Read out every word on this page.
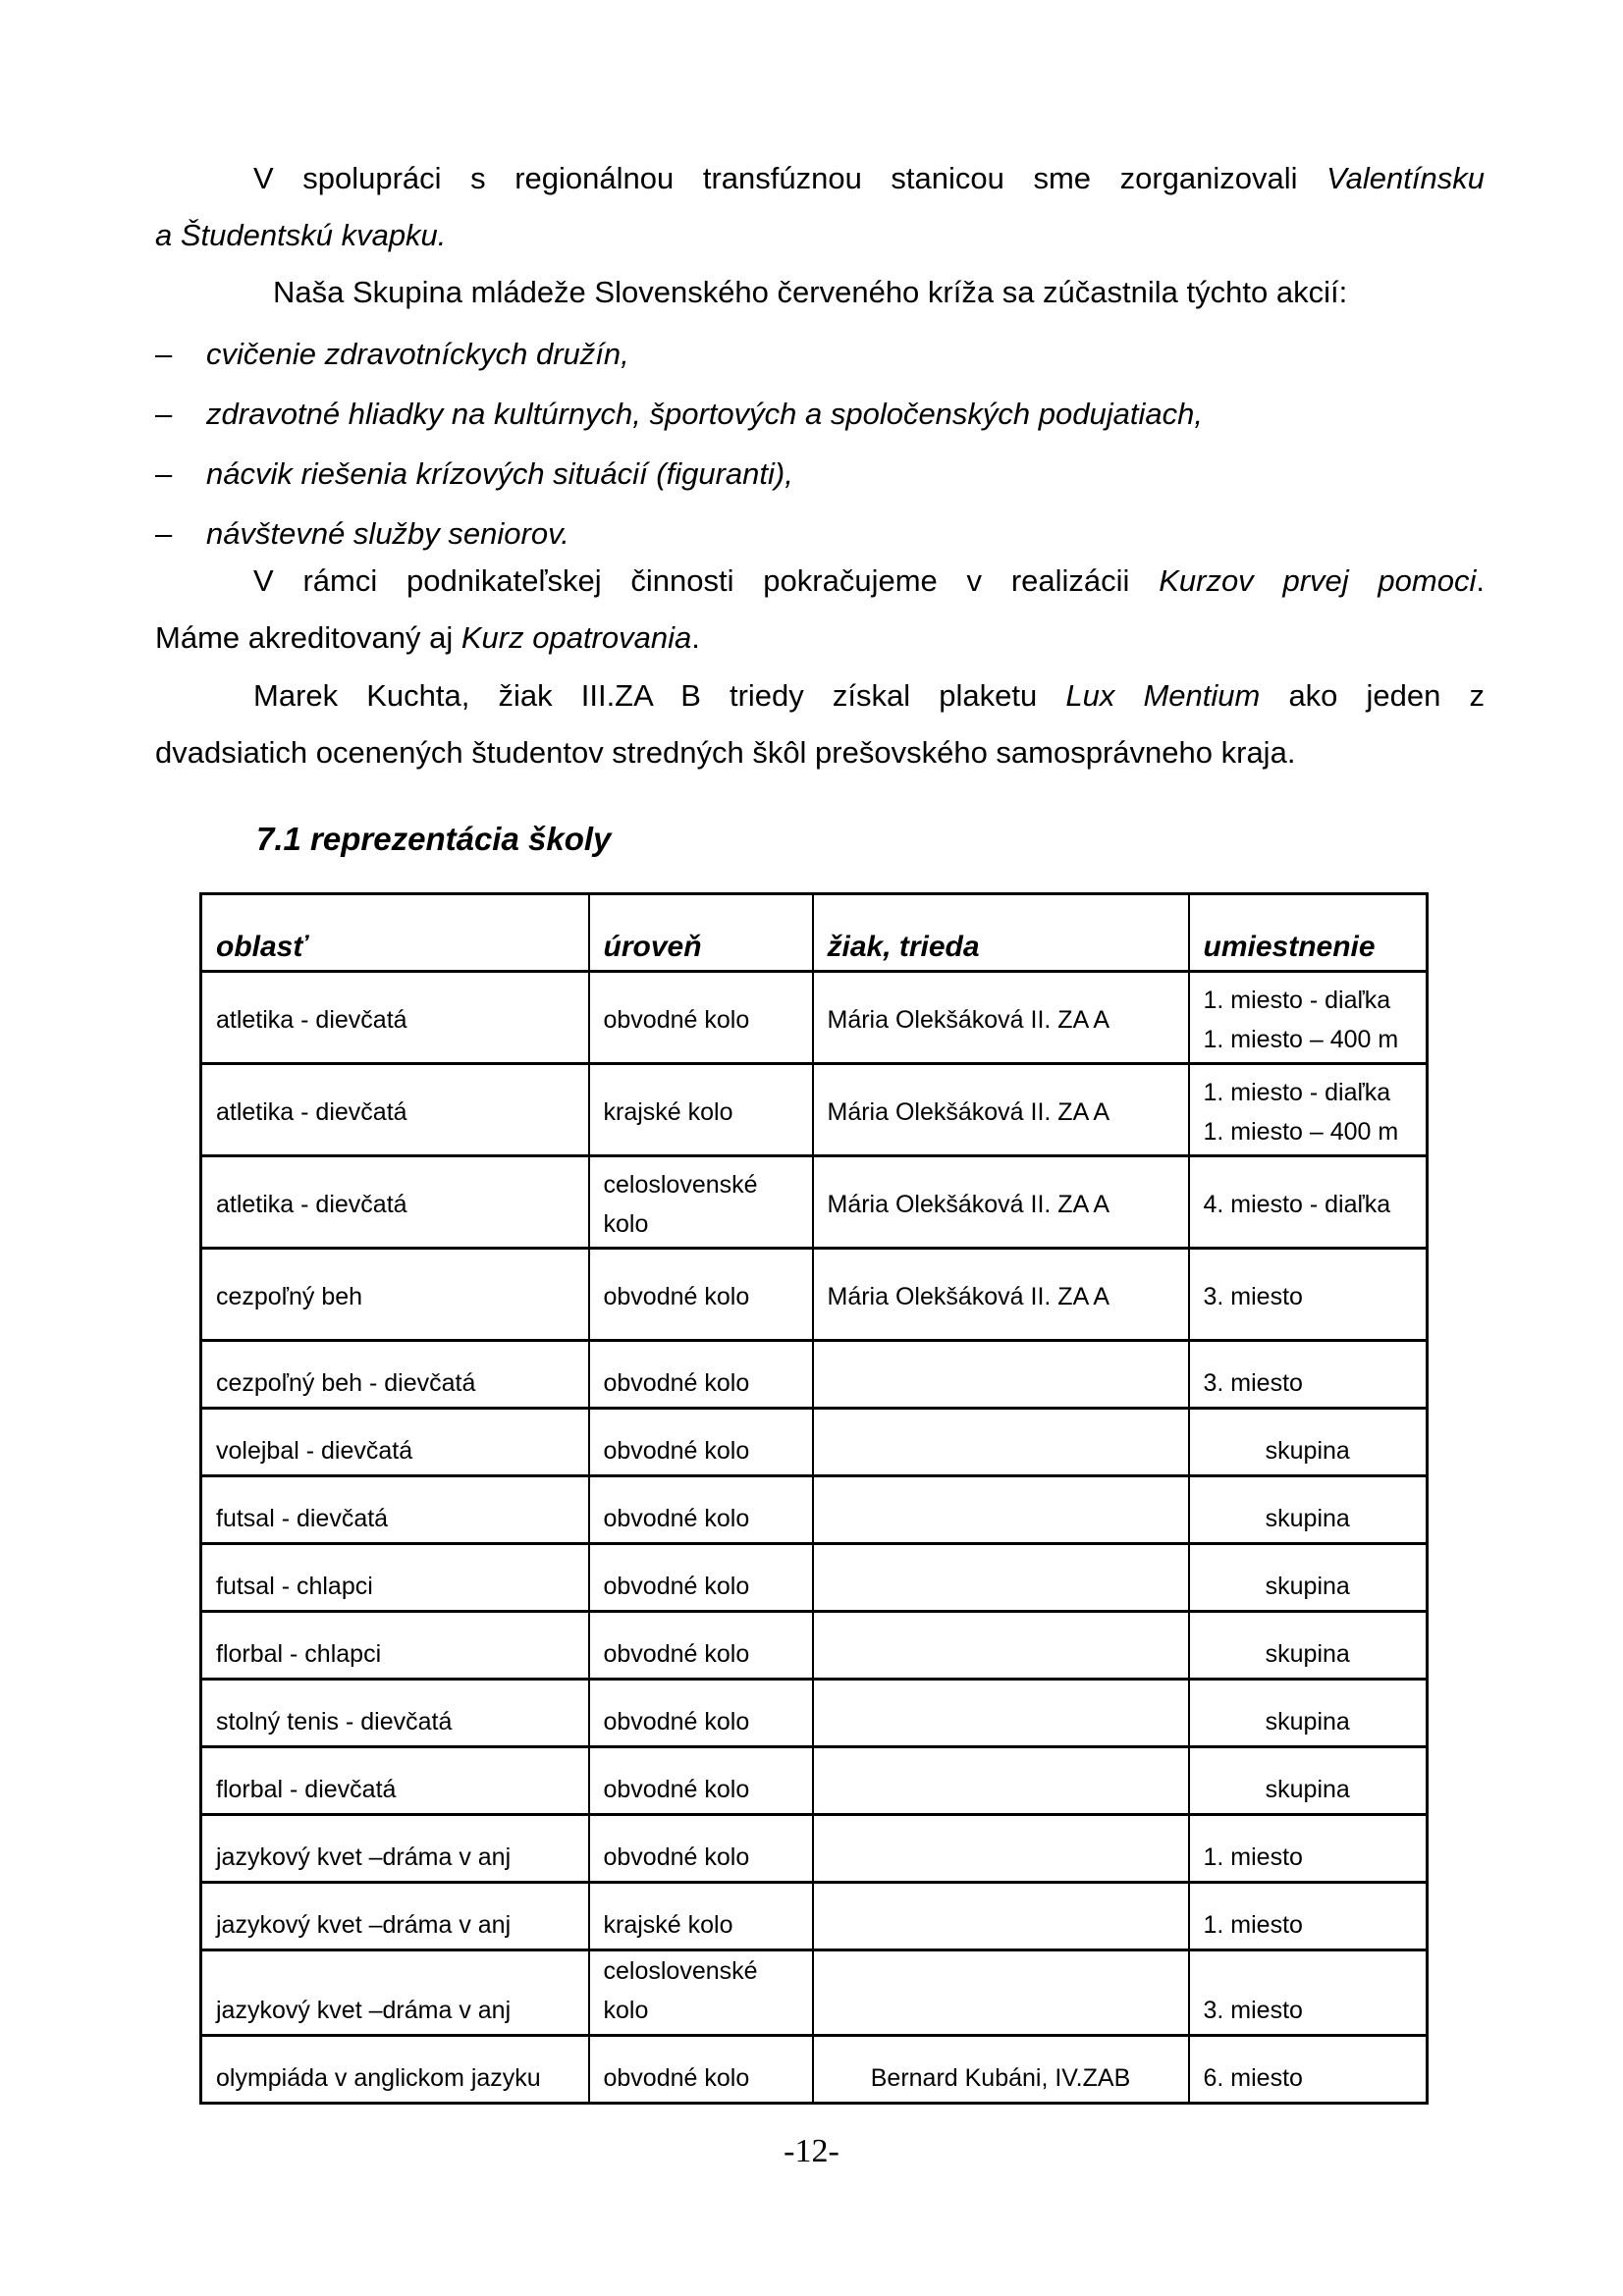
V spolupráci s regionálnou transfúznou stanicou sme zorganizovali Valentínsku
a Študentskú kvapku.
Naša Skupina mládeže Slovenského červeného kríža sa zúčastnila týchto akcií:
– cvičenie zdravotníckych družín,
– zdravotné hliadky na kultúrnych, športových a spoločenských podujatiach,
– nácvik riešenia krízových situácií (figuranti),
– návštevné služby seniorov.
V rámci podnikateľskej činnosti pokračujeme v realizácii Kurzov prvej pomoci.
Máme akreditovaný aj Kurz opatrovania.
Marek Kuchta, žiak III.ZA B triedy získal plaketu Lux Mentium ako jeden z
dvadsiatich ocenených študentov stredných škôl prešovského samosprávneho kraja.
7.1 reprezentácia školy
oblasť	úroveň	žiak, trieda	umiestnenie
atletika - dievčatá	obvodné kolo	Mária Olekšáková II. ZA A	1. miesto - diaľka
1. miesto – 400 m

atletika - dievčatá	krajské kolo	Mária Olekšáková II. ZA A	1. miesto - diaľka
1. miesto – 400 m

atletika - dievčatá	celoslovenské kolo	Mária Olekšáková II. ZA A	4. miesto - diaľka

cezpoľný beh	obvodné kolo	Mária Olekšáková II. ZA A	3. miesto

cezpoľný beh - dievčatá	obvodné kolo		3. miesto

volejbal - dievčatá	obvodné kolo		skupina

futsal - dievčatá	obvodné kolo		skupina

futsal - chlapci	obvodné kolo		skupina

florbal - chlapci	obvodné kolo		skupina

stolný tenis - dievčatá	obvodné kolo		skupina

florbal - dievčatá	obvodné kolo		skupina

jazykový kvet –dráma v anj	obvodné kolo		1. miesto

jazykový kvet –dráma v anj	krajské kolo		1. miesto

jazykový kvet –dráma v anj	celoslovenské kolo		3. miesto

olympiáda v anglickom jazyku	obvodné kolo	Bernard Kubáni, IV.ZAB	6. miesto
-12-
